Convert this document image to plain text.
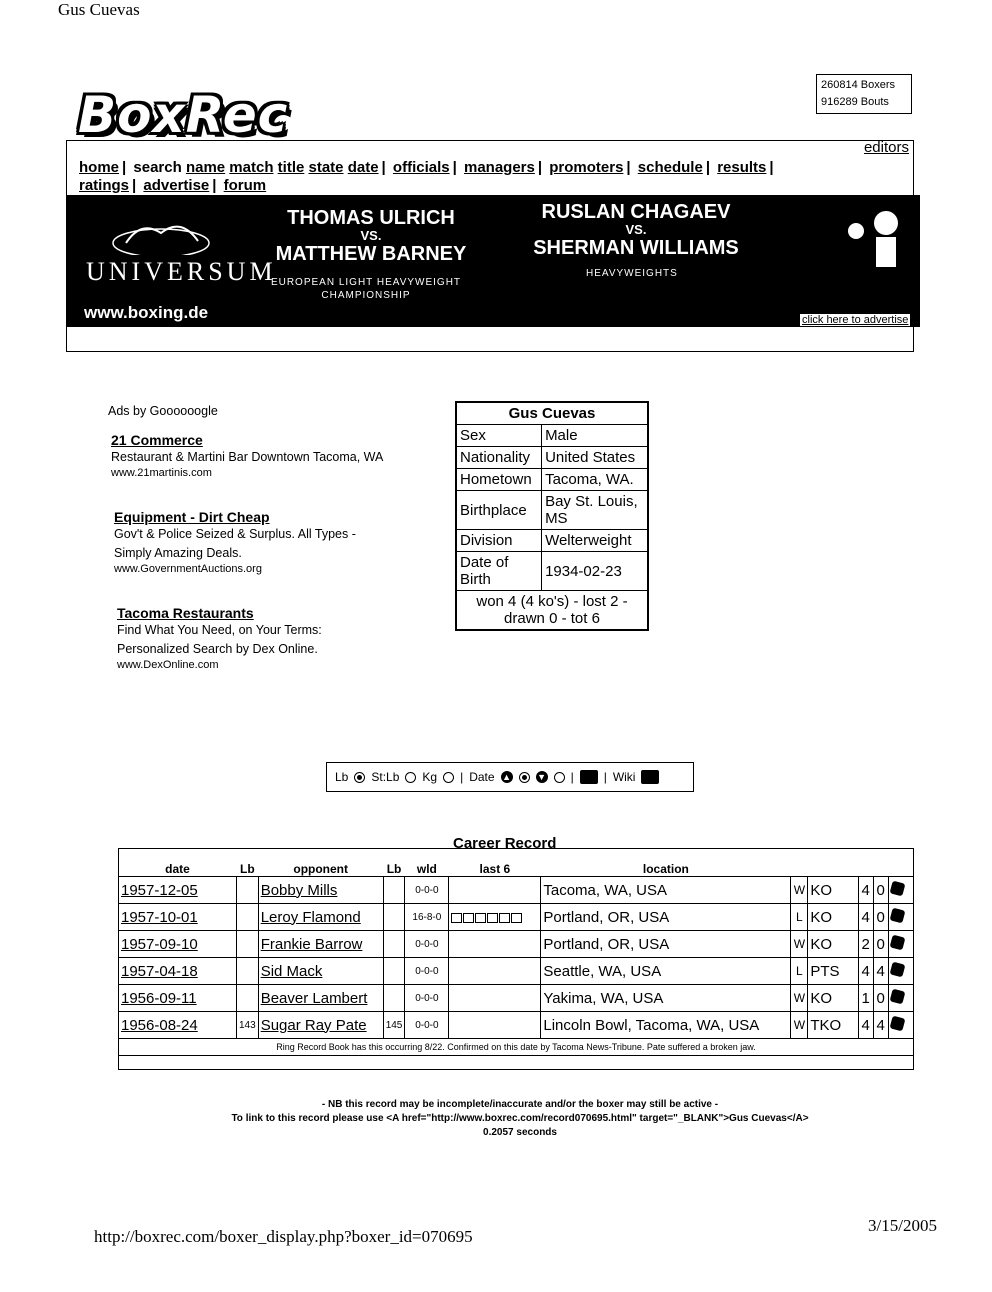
Gus Cuevas
BoxRec
260814 Boxers
916289 Bouts
home | search name match title state date | officials | managers | promoters | schedule | results |
editors
ratings | advertise | forum
THOMAS ULRICH
VS.
MATTHEW BARNEY
EUROPEAN LIGHT HEAVYWEIGHT CHAMPIONSHIP
RUSLAN CHAGAEV
VS.
SHERMAN WILLIAMS
HEAVYWEIGHTS
UNIVERSUM
www.boxing.de	click here to advertise
Ads by Goooooogle
21 Commerce
Restaurant & Martini Bar Downtown Tacoma, WA
www.21martinis.com
Equipment - Dirt Cheap
Gov't & Police Seized & Surplus. All Types - Simply Amazing Deals.
www.GovernmentAuctions.org
Tacoma Restaurants
Find What You Need, on Your Terms: Personalized Search by Dex Online.
www.DexOnline.com
Gus Cuevas	
Sex	Male
Nationality	United States
Hometown	Tacoma, WA.
Birthplace	Bay St. Louis, MS
Division	Welterweight
Date of Birth	1934-02-23
won 4 (4 ko's) - lost 2 - drawn 0 - tot 6	
Lb St:Lb Kg | Date ▲	▼ |	| Wiki
Career Record
date	Lb	opponent	Lb	wld	last 6	location					
1957-12-05		Bobby Mills		0-0-0		Tacoma, WA, USA	W	KO	4	0	
1957-10-01		Leroy Flamond		16-8-0		Portland, OR, USA	L	KO	4	0	
1957-09-10		Frankie Barrow		0-0-0		Portland, OR, USA	W	KO	2	0	
1957-04-18		Sid Mack		0-0-0		Seattle, WA, USA	L	PTS	4	4	
1956-09-11		Beaver Lambert		0-0-0		Yakima, WA, USA	W	KO	1	0	
1956-08-24	143	Sugar Ray Pate	145	0-0-0		Lincoln Bowl, Tacoma, WA, USA	W	TKO	4	4	
Ring Record Book has this occurring 8/22. Confirmed on this date by Tacoma News-Tribune. Pate suffered a broken jaw.											
- NB this record may be incomplete/inaccurate and/or the boxer may still be active -
To link to this record please use <A href="http://www.boxrec.com/record070695.html" target="_BLANK">Gus Cuevas</A>
0.2057 seconds
http://boxrec.com/boxer_display.php?boxer_id=070695
3/15/2005
